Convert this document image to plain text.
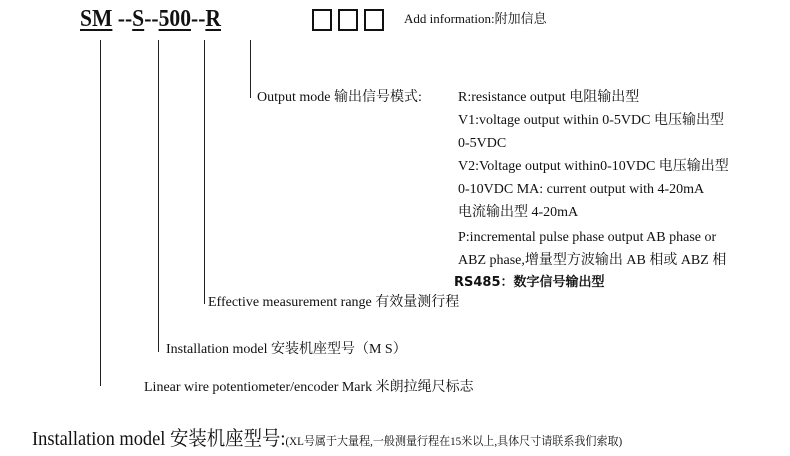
SM --S--500--R	Add information:附加信息
Output mode 输出信号模式:	R:resistance output 电阻输出型
V1:voltage output within 0-5VDC 电压输出型
0-5VDC
V2:Voltage output within0-10VDC 电压输出型
0-10VDC MA: current output with 4-20mA
电流输出型 4-20mA
P:incremental pulse phase output AB phase or
ABZ phase,增量型方波输出 AB 相或 ABZ 相
RS485：数字信号输出型
Effective measurement range 有效量测行程
Installation model 安装机座型号（M S）
Linear wire potentiometer/encoder Mark 米朗拉绳尺标志
Installation model 安装机座型号:(XL号属于大量程,一般测量行程在15米以上,具体尺寸请联系我们索取)
